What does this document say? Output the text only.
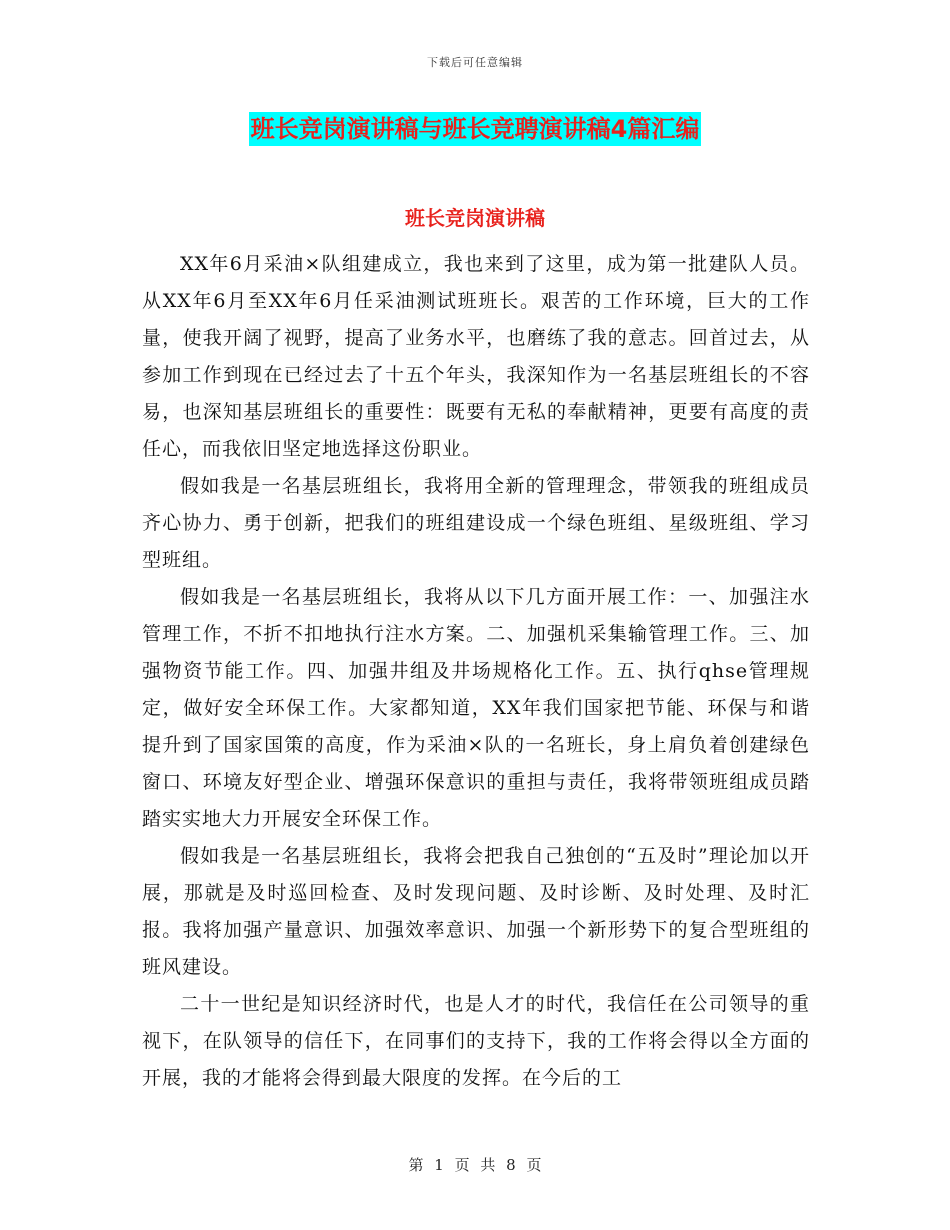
下载后可任意编辑
班长竞岗演讲稿与班长竞聘演讲稿4篇汇编
班长竞岗演讲稿

XX年6月采油×队组建成立，我也来到了这里，成为第一批建队人员。从XX年6月至XX年6月任采油测试班班长。艰苦的工作环境，巨大的工作量，使我开阔了视野，提高了业务水平，也磨练了我的意志。回首过去，从参加工作到现在已经过去了十五个年头，我深知作为一名基层班组长的不容易，也深知基层班组长的重要性：既要有无私的奉献精神，更要有高度的责任心，而我依旧坚定地选择这份职业。

假如我是一名基层班组长，我将用全新的管理理念，带领我的班组成员齐心协力、勇于创新，把我们的班组建设成一个绿色班组、星级班组、学习型班组。

假如我是一名基层班组长，我将从以下几方面开展工作：一、加强注水管理工作，不折不扣地执行注水方案。二、加强机采集输管理工作。三、加强物资节能工作。四、加强井组及井场规格化工作。五、执行qhse管理规定，做好安全环保工作。大家都知道，XX年我们国家把节能、环保与和谐提升到了国家国策的高度，作为采油×队的一名班长，身上肩负着创建绿色窗口、环境友好型企业、增强环保意识的重担与责任，我将带领班组成员踏踏实实地大力开展安全环保工作。

假如我是一名基层班组长，我将会把我自己独创的“五及时”理论加以开展，那就是及时巡回检查、及时发现问题、及时诊断、及时处理、及时汇报。我将加强产量意识、加强效率意识、加强一个新形势下的复合型班组的班风建设。

二十一世纪是知识经济时代，也是人才的时代，我信任在公司领导的重视下，在队领导的信任下，在同事们的支持下，我的工作将会得以全方面的开展，我的才能将会得到最大限度的发挥。在今后的工

第 1 页 共 8 页
